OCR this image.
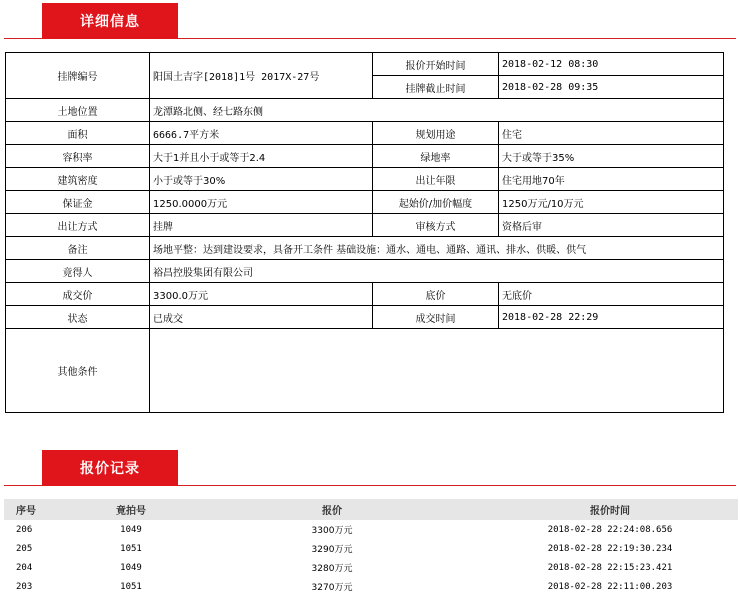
详细信息
挂牌编号	阳国土吉字[2018]1号 2017X-27号	报价开始时间	2018-02-12 08:30
		挂牌截止时间	2018-02-28 09:35
土地位置	龙潭路北侧、经七路东侧		
面积	6666.7平方米	规划用途	住宅
容积率	大于1并且小于或等于2.4	绿地率	大于或等于35%
建筑密度	小于或等于30%	出让年限	住宅用地70年
保证金	1250.0000万元	起始价/加价幅度	1250万元/10万元
出让方式	挂牌	审核方式	资格后审
备注	场地平整：达到建设要求，具备开工条件 基础设施：通水、通电、通路、通讯、排水、供暖、供气		
竟得人	裕昌控股集团有限公司		
成交价	3300.0万元	底价	无底价
状态	已成交	成交时间	2018-02-28 22:29
其他条件			
报价记录
序号	竟拍号	报价	报价时间
206	1049	3300万元	2018-02-28 22:24:08.656
205	1051	3290万元	2018-02-28 22:19:30.234
204	1049	3280万元	2018-02-28 22:15:23.421
203	1051	3270万元	2018-02-28 22:11:00.203
